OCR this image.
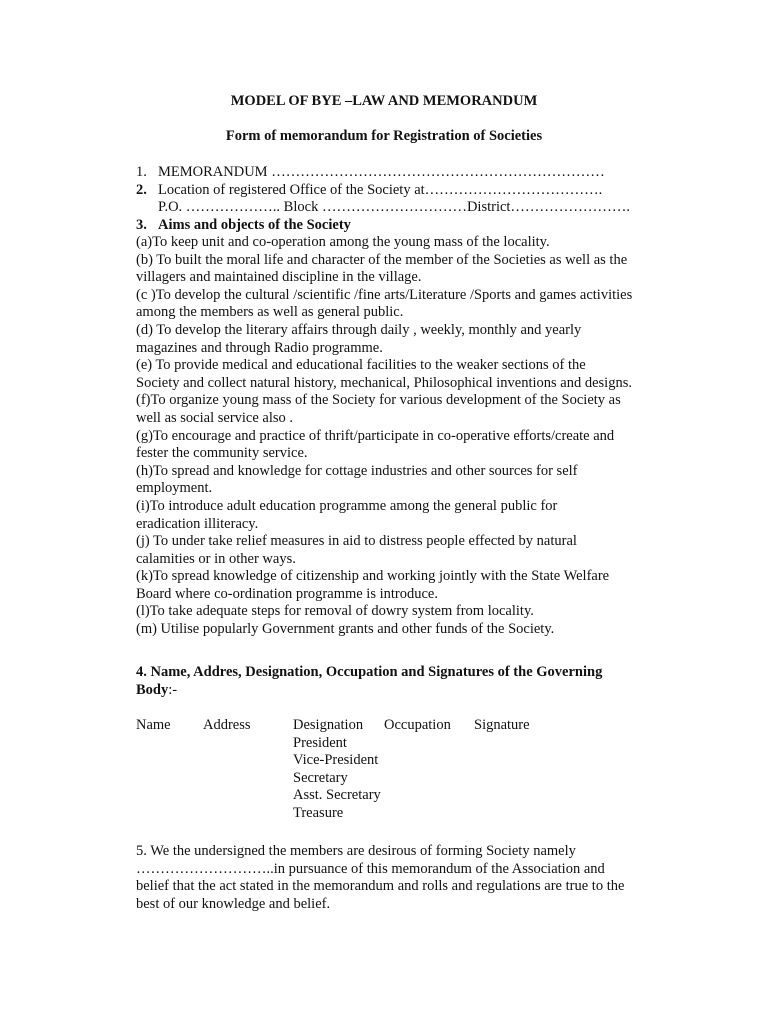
MODEL OF BYE –LAW AND MEMORANDUM
Form of memorandum for Registration of Societies
1. MEMORANDUM ……………………………………………………………
2. Location of registered Office of the Society at……………………………….
P.O. ……………….. Block …………………………District…………………….
3. Aims and objects of the Society
(a)To keep unit and co-operation among the young mass of the locality.
(b) To built the moral life and character of the member of the Societies as well as the
villagers and maintained discipline in the village.
(c )To develop the cultural /scientific /fine arts/Literature /Sports and games activities
among the members as well as general public.
(d) To develop the literary affairs through daily , weekly, monthly and yearly
magazines and through Radio programme.
(e) To provide medical and educational facilities to the weaker sections of the
Society and collect natural history, mechanical, Philosophical inventions and designs.
(f)To organize young mass of the Society for various development of the Society as
well as social service also .
(g)To encourage and practice of thrift/participate in co-operative efforts/create and
fester the community service.
(h)To spread and knowledge for cottage industries and other sources for self
employment.
(i)To introduce adult education programme among the general public for
eradication illiteracy.
(j) To under take relief measures in aid to distress people effected by natural
calamities or in other ways.
(k)To spread knowledge of citizenship and working jointly with the State Welfare
Board where co-ordination programme is introduce.
(l)To take adequate steps for removal of dowry system from locality.
(m) Utilise popularly Government grants and other funds of the Society.
4. Name, Addres, Designation, Occupation and Signatures of the Governing
Body:-
Name Address	Designation
President
Vice-President
Secretary
Asst. Secretary
Treasure
Occupation Signature
5. We the undersigned the members are desirous of forming Society namely
………………………..in pursuance of this memorandum of the Association and
belief that the act stated in the memorandum and rolls and regulations are true to the
best of our knowledge and belief.
